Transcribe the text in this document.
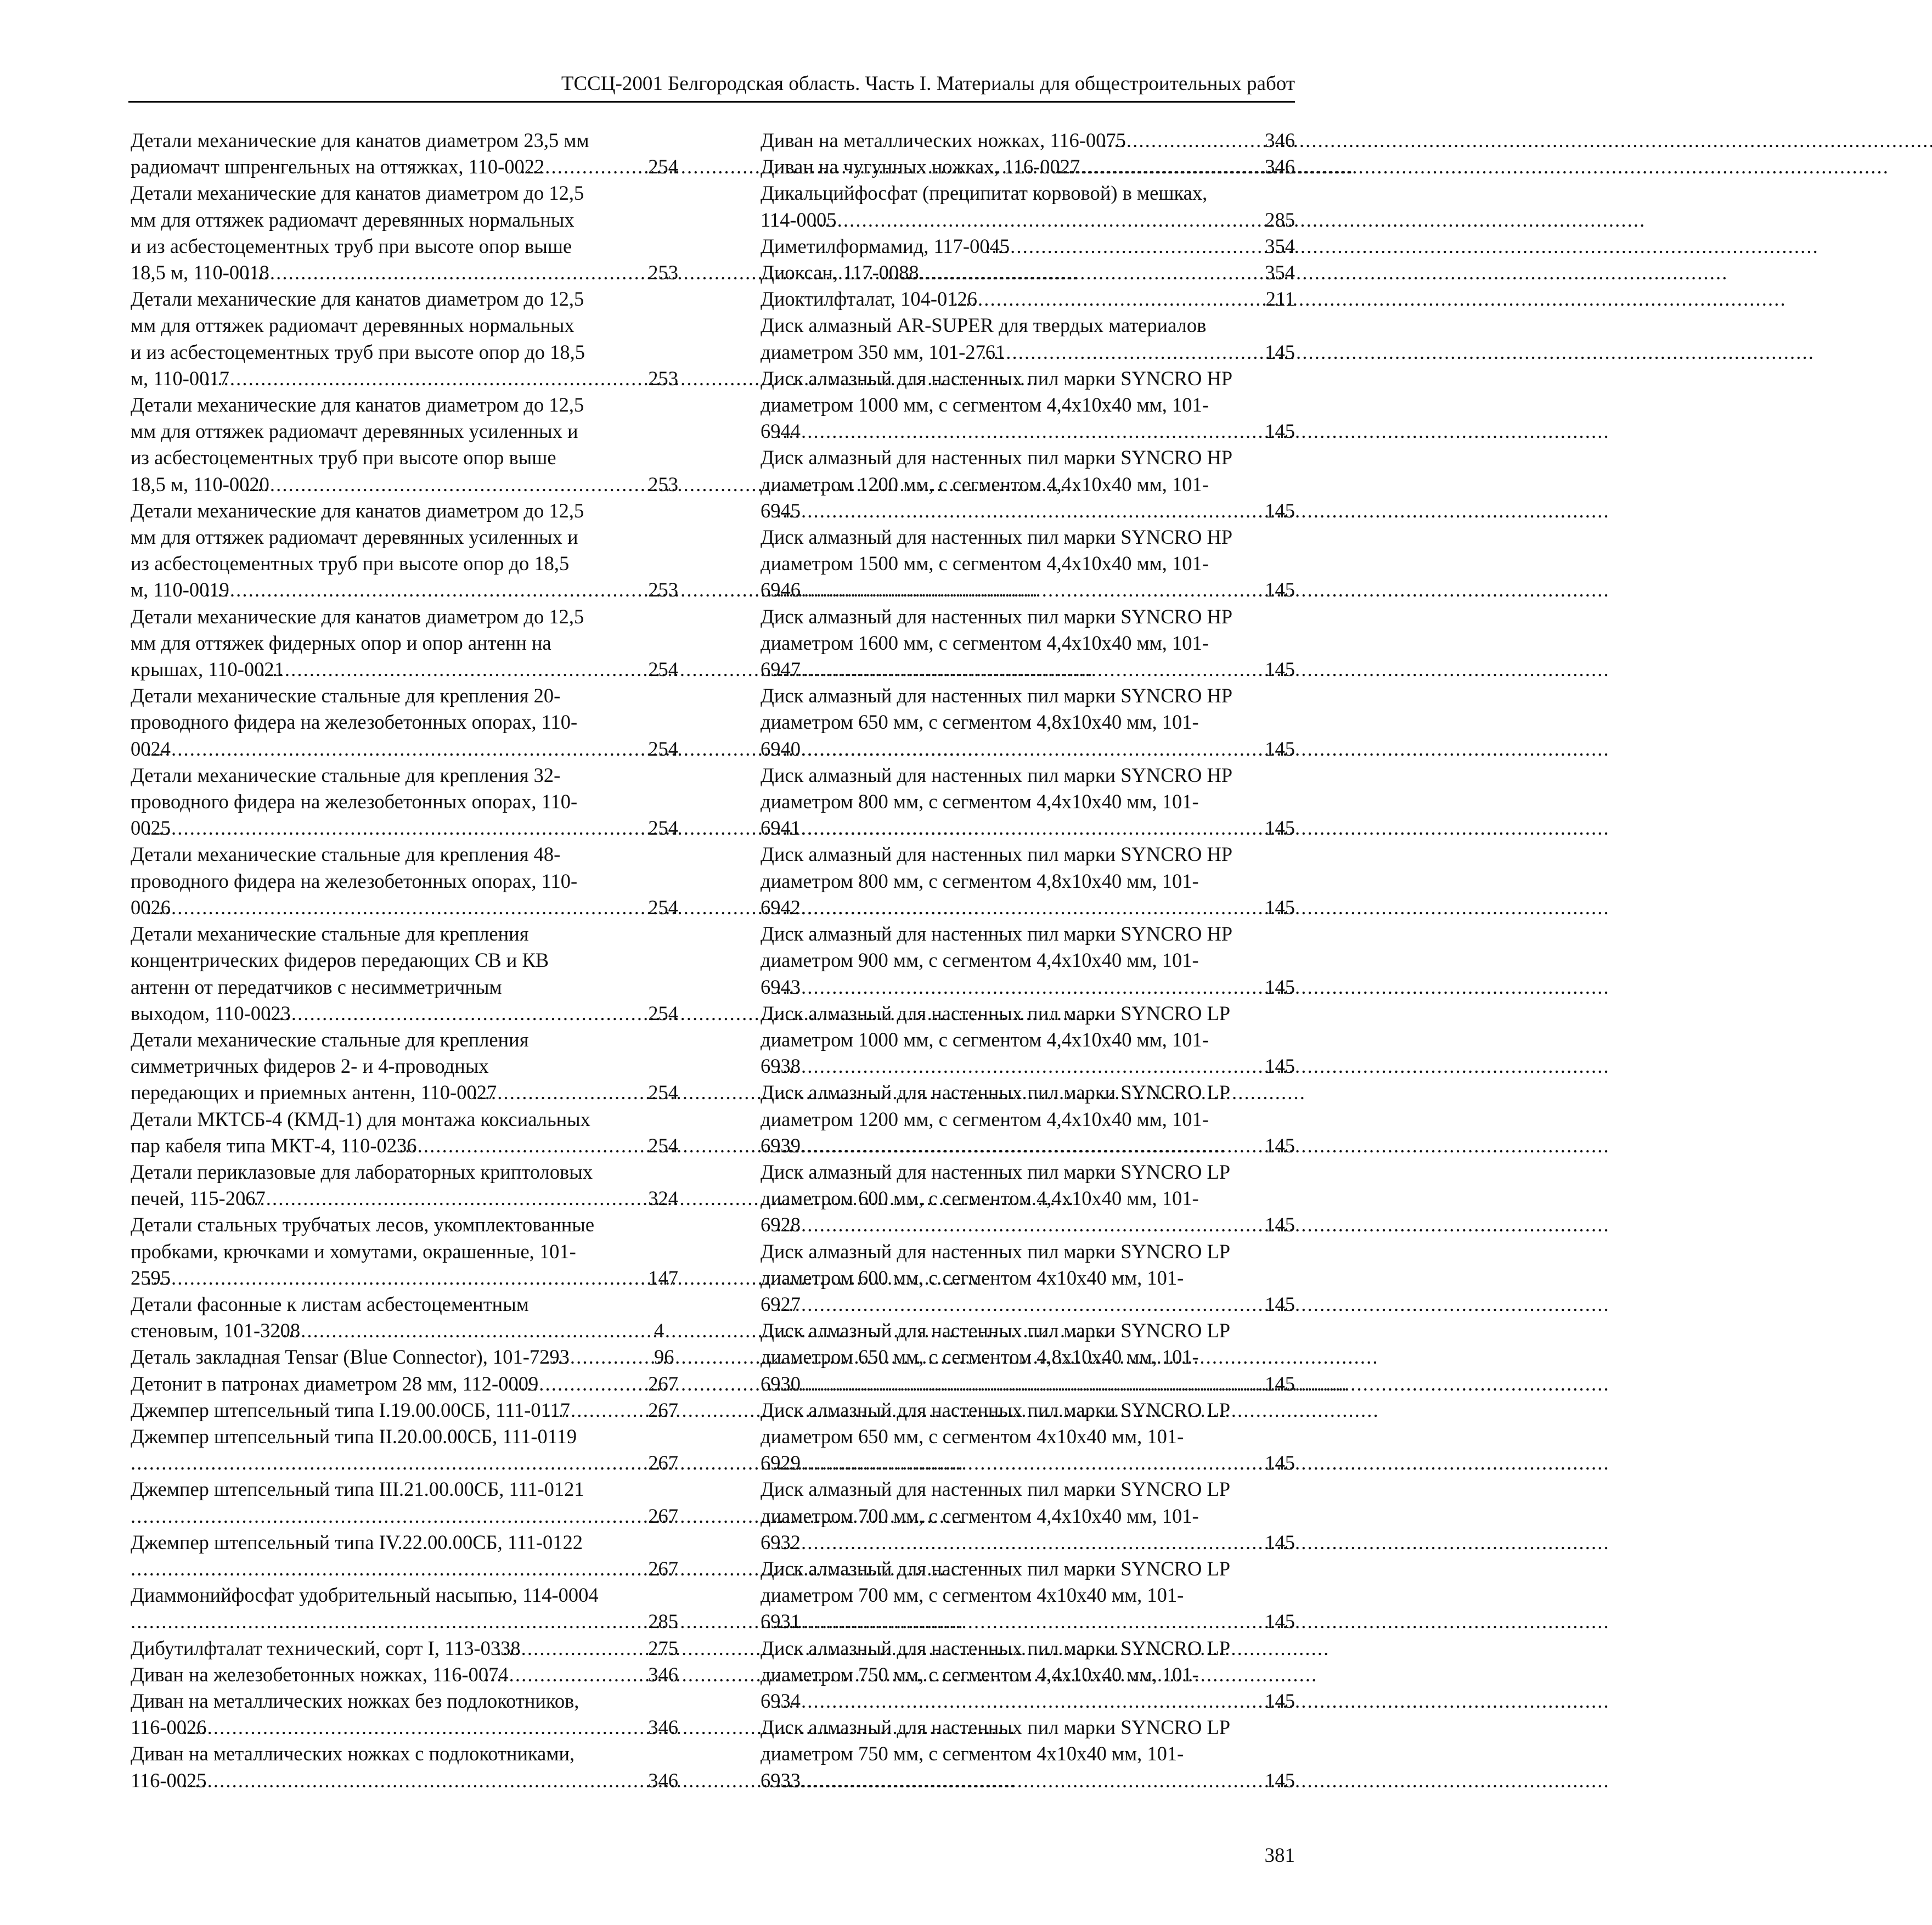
ТССЦ-2001 Белгородская область. Часть I. Материалы для общестроительных работ
Детали механические для канатов диаметром 23,5 мм
радиомачт шпренгельных на оттяжках, 110-0022 . . .	254
Детали механические для канатов диаметром до 12,5
мм для оттяжек радиомачт деревянных нормальных
и из асбестоцементных труб при высоте опор выше
18,5 м, 110-0018 . . .	253
Детали механические для канатов диаметром до 12,5
мм для оттяжек радиомачт деревянных нормальных
и из асбестоцементных труб при высоте опор до 18,5
м, 110-0017 . . .	253
Детали механические для канатов диаметром до 12,5
мм для оттяжек радиомачт деревянных усиленных и
из асбестоцементных труб при высоте опор выше
18,5 м, 110-0020 . . .	253
Детали механические для канатов диаметром до 12,5
мм для оттяжек радиомачт деревянных усиленных и
из асбестоцементных труб при высоте опор до 18,5
м, 110-0019 . . .	253
Детали механические для канатов диаметром до 12,5
мм для оттяжек фидерных опор и опор антенн на
крышах, 110-0021 . . .	254
Детали механические стальные для крепления 20-
проводного фидера на железобетонных опорах, 110-
0024 . . .	254
Детали механические стальные для крепления 32-
проводного фидера на железобетонных опорах, 110-
0025 . . .	254
Детали механические стальные для крепления 48-
проводного фидера на железобетонных опорах, 110-
0026 . . .	254
Детали механические стальные для крепления
концентрических фидеров передающих СВ и КВ
антенн от передатчиков с несимметричным
выходом, 110-0023 . . .	254
Детали механические стальные для крепления
симметричных фидеров 2- и 4-проводных
передающих и приемных антенн, 110-0027 . . .	254
Детали МКТСБ-4 (КМД-1) для монтажа коксиальных
пар кабеля типа МКТ-4, 110-0236 . . .	254
Детали периклазовые для лабораторных криптоловых
печей, 115-2067 . . .	324
Детали стальных трубчатых лесов, укомплектованные
пробками, крючками и хомутами, окрашенные, 101-
2595 . . .	147
Детали фасонные к листам асбестоцементным
стеновым, 101-3208 . . .	4
Деталь закладная Tensar (Blue Connector), 101-7293 . . .	96
Детонит в патронах диаметром 28 мм, 112-0009 . . .	267
Джемпер штепсельный типа I.19.00.00СБ, 111-0117 . . .	267
Джемпер штепсельный типа II.20.00.00СБ, 111-0119
. . .
267
Джемпер штепсельный типа III.21.00.00СБ, 111-0121
. . .
267
Джемпер штепсельный типа IV.22.00.00СБ, 111-0122
. . .
267
Диаммонийфосфат удобрительный насыпью, 114-0004
. . .
285
Дибутилфталат технический, сорт I, 113-0338 . . .	275
Диван на железобетонных ножках, 116-0074 . . .	346
Диван на металлических ножках без подлокотников,
116-0026 . . .	346
Диван на металлических ножках с подлокотниками,
116-0025 . . .	346
Диван на металлических ножках, 116-0075 . . .	346
Диван на чугунных ножках, 116-0027 . . .	346
Дикальцийфосфат (преципитат корвовой) в мешках,
114-0005 . . .	285
Диметилформамид, 117-0045 . . .	354
Диоксан, 117-0088 . . .	354
Диоктилфталат, 104-0126 . . .	211
Диск алмазный AR-SUPER для твердых материалов
диаметром 350 мм, 101-2761 . . .	145
Диск алмазный для настенных пил марки SYNCRO HP
диаметром 1000 мм, с сегментом 4,4х10х40 мм, 101-
6944 . . .	145
Диск алмазный для настенных пил марки SYNCRO HP
диаметром 1200 мм, с сегментом 4,4х10х40 мм, 101-
6945 . . .	145
Диск алмазный для настенных пил марки SYNCRO HP
диаметром 1500 мм, с сегментом 4,4х10х40 мм, 101-
6946 . . .	145
Диск алмазный для настенных пил марки SYNCRO HP
диаметром 1600 мм, с сегментом 4,4х10х40 мм, 101-
6947 . . .	145
Диск алмазный для настенных пил марки SYNCRO HP
диаметром 650 мм, с сегментом 4,8х10х40 мм, 101-
6940 . . .	145
Диск алмазный для настенных пил марки SYNCRO HP
диаметром 800 мм, с сегментом 4,4х10х40 мм, 101-
6941 . . .	145
Диск алмазный для настенных пил марки SYNCRO HP
диаметром 800 мм, с сегментом 4,8х10х40 мм, 101-
6942 . . .	145
Диск алмазный для настенных пил марки SYNCRO HP
диаметром 900 мм, с сегментом 4,4х10х40 мм, 101-
6943 . . .	145
Диск алмазный для настенных пил марки SYNCRO LP
диаметром 1000 мм, с сегментом 4,4х10х40 мм, 101-
6938 . . .	145
Диск алмазный для настенных пил марки SYNCRO LP
диаметром 1200 мм, с сегментом 4,4х10х40 мм, 101-
6939 . . .	145
Диск алмазный для настенных пил марки SYNCRO LP
диаметром 600 мм, с сегментом 4,4х10х40 мм, 101-
6928 . . .	145
Диск алмазный для настенных пил марки SYNCRO LP
диаметром 600 мм, с сегментом 4х10х40 мм, 101-
6927 . . .	145
Диск алмазный для настенных пил марки SYNCRO LP
диаметром 650 мм, с сегментом 4,8х10х40 мм, 101-
6930 . . .	145
Диск алмазный для настенных пил марки SYNCRO LP
диаметром 650 мм, с сегментом 4х10х40 мм, 101-
6929 . . .	145
Диск алмазный для настенных пил марки SYNCRO LP
диаметром 700 мм, с сегментом 4,4х10х40 мм, 101-
6932 . . .	145
Диск алмазный для настенных пил марки SYNCRO LP
диаметром 700 мм, с сегментом 4х10х40 мм, 101-
6931 . . .	145
Диск алмазный для настенных пил марки SYNCRO LP
диаметром 750 мм, с сегментом 4,4х10х40 мм, 101-
6934 . . .	145
Диск алмазный для настенных пил марки SYNCRO LP
диаметром 750 мм, с сегментом 4х10х40 мм, 101-
6933 . . .	145
381
